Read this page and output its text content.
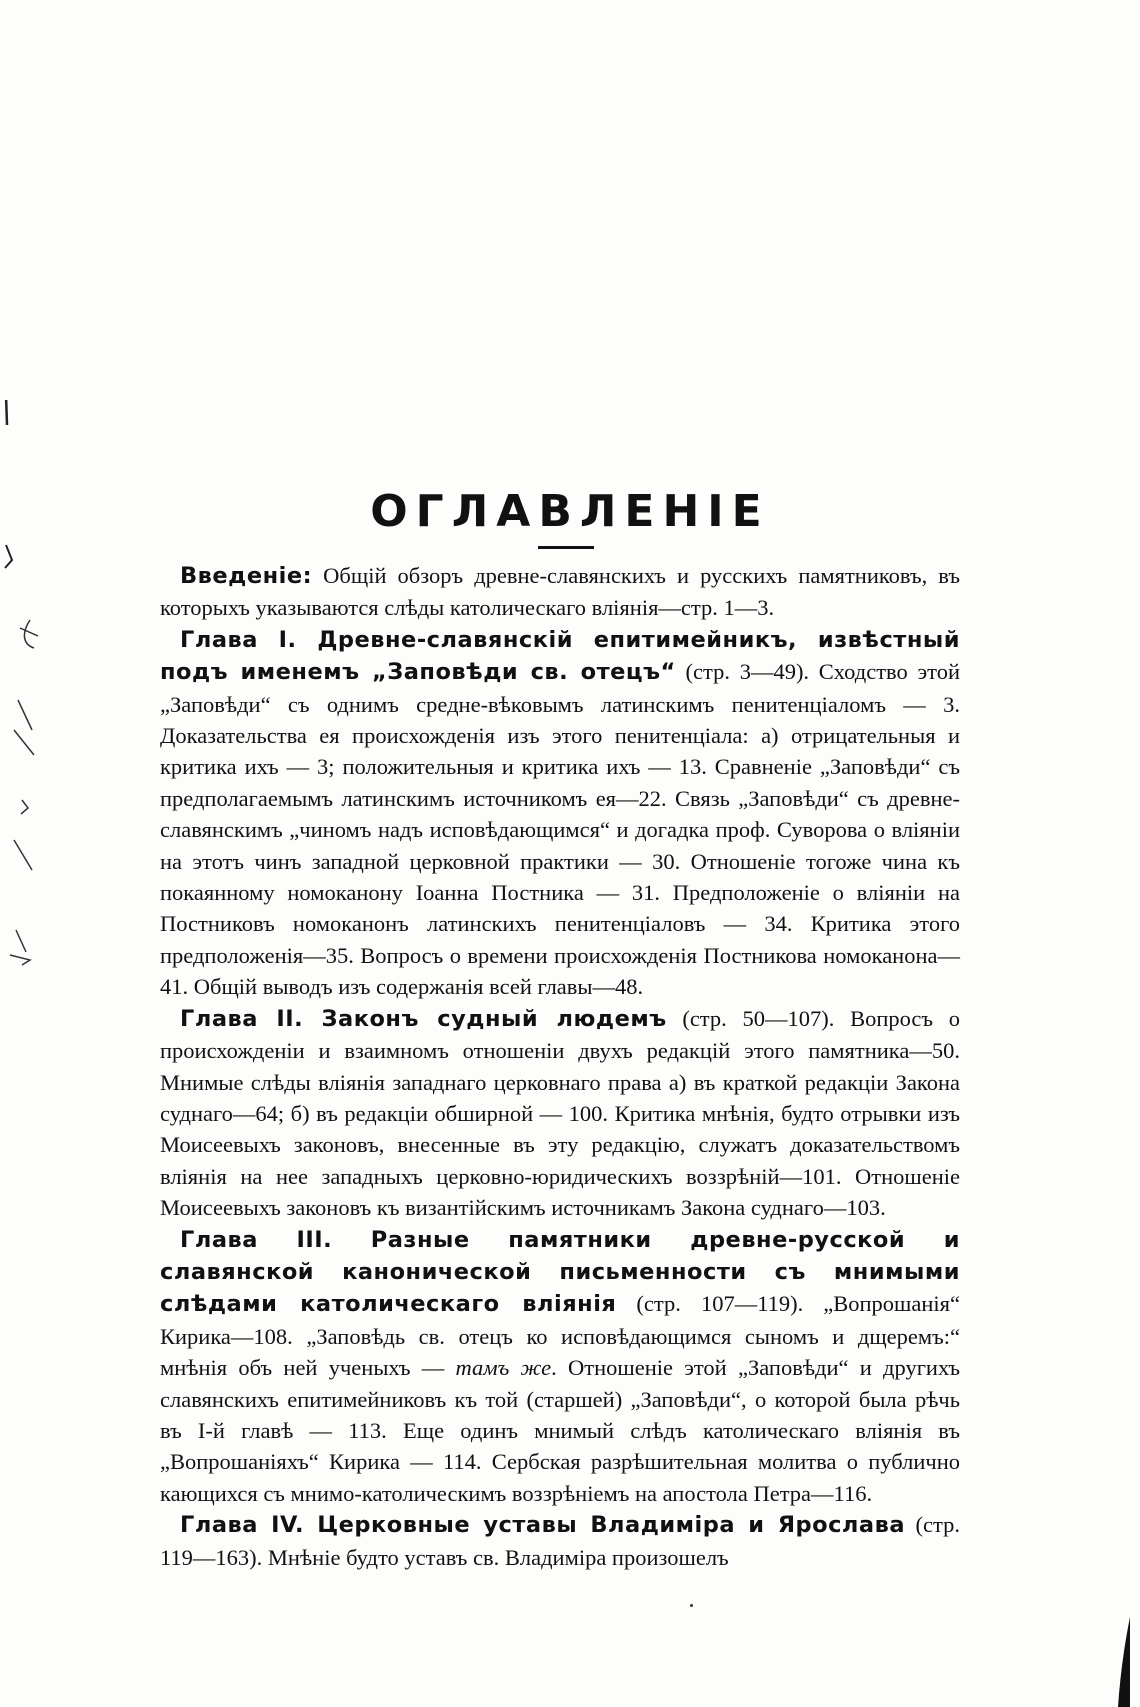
ОГЛАВЛЕНІЕ

Введеніе: Общій обзоръ древне-славянскихъ и русскихъ памятниковъ, въ которыхъ указываются слѣды католическаго вліянія—стр. 1—3.

Глава I. Древне-славянскій епитимейникъ, извѣстный подъ именемъ „Заповѣди св. отецъ“ (стр. 3—49). Сходство этой „Заповѣди“ съ однимъ средне-вѣковымъ латинскимъ пенитенціаломъ — 3. Доказательства ея происхожденія изъ этого пенитенціала: а) отрицательныя и критика ихъ — 3; положительныя и критика ихъ — 13. Сравненіе „Заповѣди“ съ предполагаемымъ латинскимъ источникомъ ея—22. Связь „Заповѣди“ съ древне-славянскимъ „чиномъ надъ исповѣдающимся“ и догадка проф. Суворова о вліяніи на этотъ чинъ западной церковной практики — 30. Отношеніе тогоже чина къ покаянному номоканону Іоанна Постника — 31. Предположеніе о вліяніи на Постниковъ номоканонъ латинскихъ пенитенціаловъ — 34. Критика этого предположенія—35. Вопросъ о времени происхожденія Постникова номоканона—41. Общій выводъ изъ содержанія всей главы—48.

Глава II. Законъ судный людемъ (стр. 50—107). Вопросъ о происхожденіи и взаимномъ отношеніи двухъ редакцій этого памятника—50. Мнимые слѣды вліянія западнаго церковнаго права а) въ краткой редакціи Закона суднаго—64; б) въ редакціи обширной — 100. Критика мнѣнія, будто отрывки изъ Моисеевыхъ законовъ, внесенные въ эту редакцію, служатъ доказательствомъ вліянія на нее западныхъ церковно-юридическихъ воззрѣній—101. Отношеніе Моисеевыхъ законовъ къ византійскимъ источникамъ Закона суднаго—103.

Глава III. Разные памятники древне-русской и славянской канонической письменности съ мнимыми слѣдами католическаго вліянія (стр. 107—119). „Вопрошанія“ Кирика—108. „Заповѣдь св. отецъ ко исповѣдающимся сыномъ и дщеремъ:“ мнѣнія объ ней ученыхъ — тамъ же. Отношеніе этой „Заповѣди“ и другихъ славянскихъ епитимейниковъ къ той (старшей) „Заповѣди“, о которой была рѣчь въ I-й главѣ — 113. Еще одинъ мнимый слѣдъ католическаго вліянія въ „Вопрошаніяхъ“ Кирика — 114. Сербская разрѣшительная молитва о публично кающихся съ мнимо-католическимъ воззрѣніемъ на апостола Петра—116.

Глава IV. Церковные уставы Владиміра и Ярослава (стр. 119—163). Мнѣніе будто уставъ св. Владиміра произошелъ
